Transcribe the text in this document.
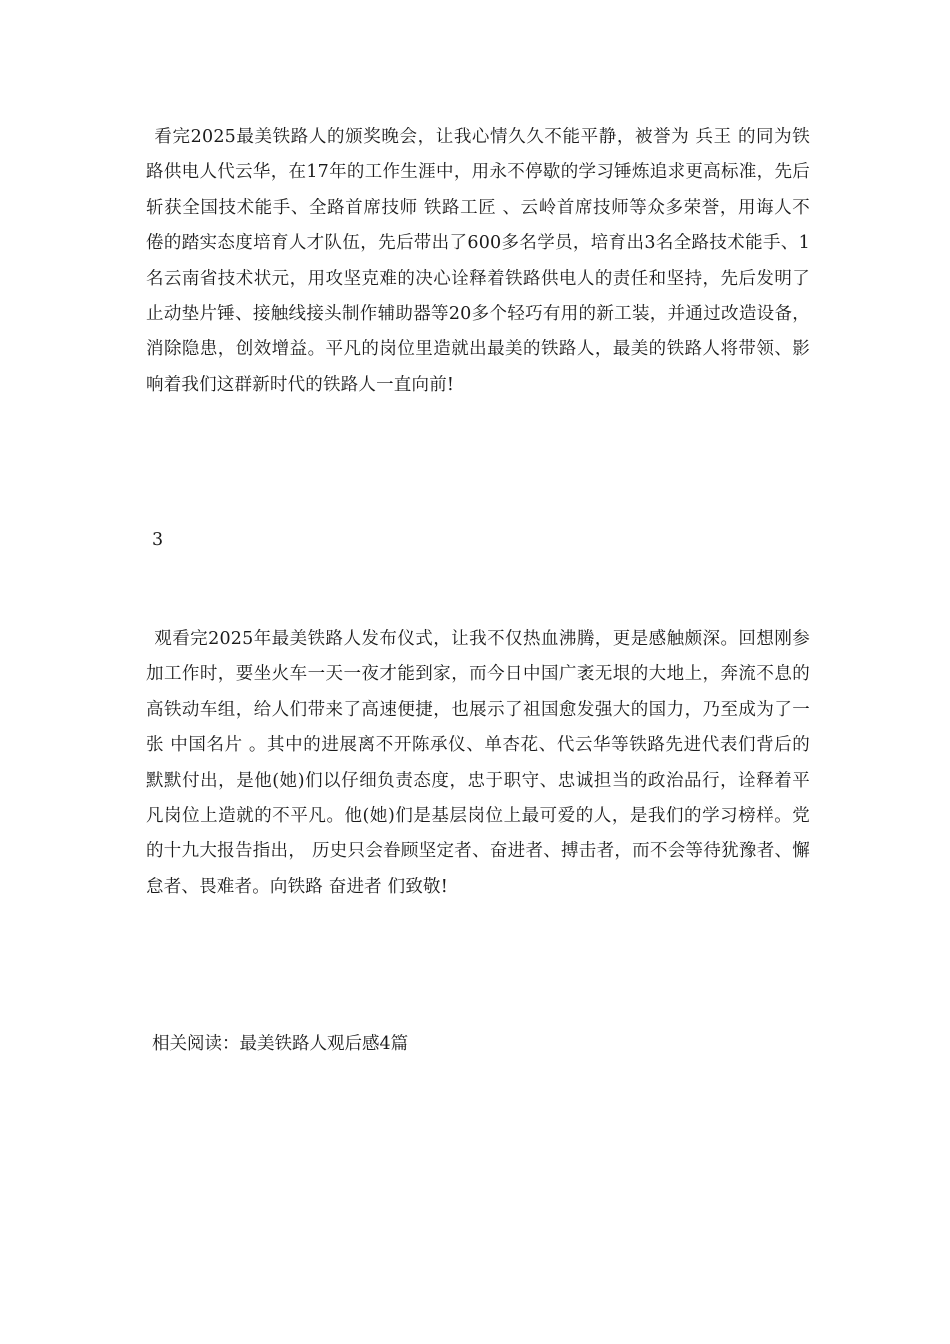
看完2025最美铁路人的颁奖晚会，让我心情久久不能平静，被誉为 兵王 的同为铁路供电人代云华，在17年的工作生涯中，用永不停歇的学习锤炼追求更高标准，先后斩获全国技术能手、全路首席技师 铁路工匠 、云岭首席技师等众多荣誉，用诲人不倦的踏实态度培育人才队伍，先后带出了600多名学员，培育出3名全路技术能手、1名云南省技术状元，用攻坚克难的决心诠释着铁路供电人的责任和坚持，先后发明了止动垫片锤、接触线接头制作辅助器等20多个轻巧有用的新工装，并通过改造设备，消除隐患，创效增益。平凡的岗位里造就出最美的铁路人，最美的铁路人将带领、影响着我们这群新时代的铁路人一直向前!

3

观看完2025年最美铁路人发布仪式，让我不仅热血沸腾，更是感触颇深。回想刚参加工作时，要坐火车一天一夜才能到家，而今日中国广袤无垠的大地上，奔流不息的高铁动车组，给人们带来了高速便捷，也展示了祖国愈发强大的国力，乃至成为了一张 中国名片 。其中的进展离不开陈承仪、单杏花、代云华等铁路先进代表们背后的默默付出，是他(她)们以仔细负责态度，忠于职守、忠诚担当的政治品行，诠释着平凡岗位上造就的不平凡。他(她)们是基层岗位上最可爱的人，是我们的学习榜样。党的十九大报告指出， 历史只会眷顾坚定者、奋进者、搏击者，而不会等待犹豫者、懈怠者、畏难者。向铁路 奋进者 们致敬!

相关阅读：最美铁路人观后感4篇
